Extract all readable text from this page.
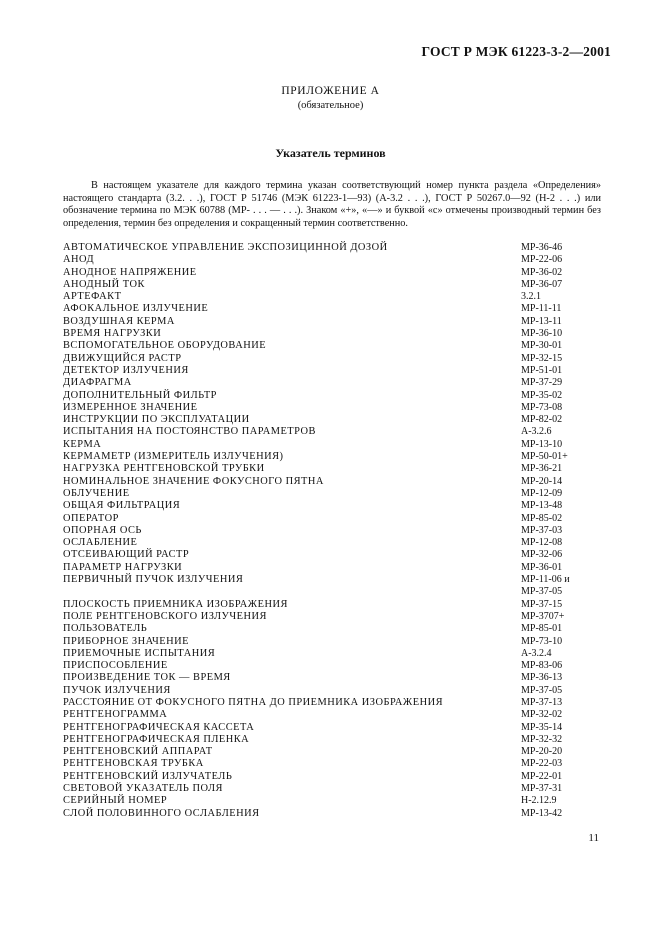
ГОСТ Р МЭК 61223-3-2—2001
ПРИЛОЖЕНИЕ А
(обязательное)
Указатель терминов

В настоящем указателе для каждого термина указан соответствующий номер пункта раздела «Определения» настоящего стандарта (3.2. . .), ГОСТ Р 51746 (МЭК 61223-1—93) (А-3.2 . . .), ГОСТ Р 50267.0—92 (Н-2 . . .) или обозначение термина по МЭК 60788 (МР- . . . — . . .). Знаком «+», «—» и буквой «с» отмечены производный термин без определения, термин без определения и сокращенный термин соответственно.

АВТОМАТИЧЕСКОЕ УПРАВЛЕНИЕ ЭКСПОЗИЦИННОЙ ДОЗОЙ	МР-36-46
АНОД	МР-22-06
АНОДНОЕ НАПРЯЖЕНИЕ	МР-36-02
АНОДНЫЙ ТОК	МР-36-07
АРТЕФАКТ	3.2.1
АФОКАЛЬНОЕ ИЗЛУЧЕНИЕ	МР-11-11
ВОЗДУШНАЯ КЕРМА	МР-13-11
ВРЕМЯ НАГРУЗКИ	МР-36-10
ВСПОМОГАТЕЛЬНОЕ ОБОРУДОВАНИЕ	МР-30-01
ДВИЖУЩИЙСЯ РАСТР	МР-32-15
ДЕТЕКТОР ИЗЛУЧЕНИЯ	МР-51-01
ДИАФРАГМА	МР-37-29
ДОПОЛНИТЕЛЬНЫЙ ФИЛЬТР	МР-35-02
ИЗМЕРЕННОЕ ЗНАЧЕНИЕ	МР-73-08
ИНСТРУКЦИИ ПО ЭКСПЛУАТАЦИИ	МР-82-02
ИСПЫТАНИЯ НА ПОСТОЯНСТВО ПАРАМЕТРОВ	А-3.2.6
КЕРМА	МР-13-10
КЕРМАМЕТР (ИЗМЕРИТЕЛЬ ИЗЛУЧЕНИЯ)	МР-50-01+
НАГРУЗКА РЕНТГЕНОВСКОЙ ТРУБКИ	МР-36-21
НОМИНАЛЬНОЕ ЗНАЧЕНИЕ ФОКУСНОГО ПЯТНА	МР-20-14
ОБЛУЧЕНИЕ	МР-12-09
ОБЩАЯ ФИЛЬТРАЦИЯ	МР-13-48
ОПЕРАТОР	МР-85-02
ОПОРНАЯ ОСЬ	МР-37-03
ОСЛАБЛЕНИЕ	МР-12-08
ОТСЕИВАЮЩИЙ РАСТР	МР-32-06
ПАРАМЕТР НАГРУЗКИ	МР-36-01
ПЕРВИЧНЫЙ ПУЧОК ИЗЛУЧЕНИЯ	МР-11-06 и
МР-37-05
ПЛОСКОСТЬ ПРИЕМНИКА ИЗОБРАЖЕНИЯ	МР-37-15
ПОЛЕ РЕНТГЕНОВСКОГО ИЗЛУЧЕНИЯ	МР-3707+
ПОЛЬЗОВАТЕЛЬ	МР-85-01
ПРИБОРНОЕ ЗНАЧЕНИЕ	МР-73-10
ПРИЕМОЧНЫЕ ИСПЫТАНИЯ	А-3.2.4
ПРИСПОСОБЛЕНИЕ	МР-83-06
ПРОИЗВЕДЕНИЕ ТОК — ВРЕМЯ	МР-36-13
ПУЧОК ИЗЛУЧЕНИЯ	МР-37-05
РАССТОЯНИЕ ОТ ФОКУСНОГО ПЯТНА ДО ПРИЕМНИКА ИЗОБРАЖЕНИЯ	МР-37-13
РЕНТГЕНОГРАММА	МР-32-02
РЕНТГЕНОГРАФИЧЕСКАЯ КАССЕТА	МР-35-14
РЕНТГЕНОГРАФИЧЕСКАЯ ПЛЕНКА	МР-32-32
РЕНТГЕНОВСКИЙ АППАРАТ	МР-20-20
РЕНТГЕНОВСКАЯ ТРУБКА	МР-22-03
РЕНТГЕНОВСКИЙ ИЗЛУЧАТЕЛЬ	МР-22-01
СВЕТОВОЙ УКАЗАТЕЛЬ ПОЛЯ	МР-37-31
СЕРИЙНЫЙ НОМЕР	Н-2.12.9
СЛОЙ ПОЛОВИННОГО ОСЛАБЛЕНИЯ	МР-13-42
11
